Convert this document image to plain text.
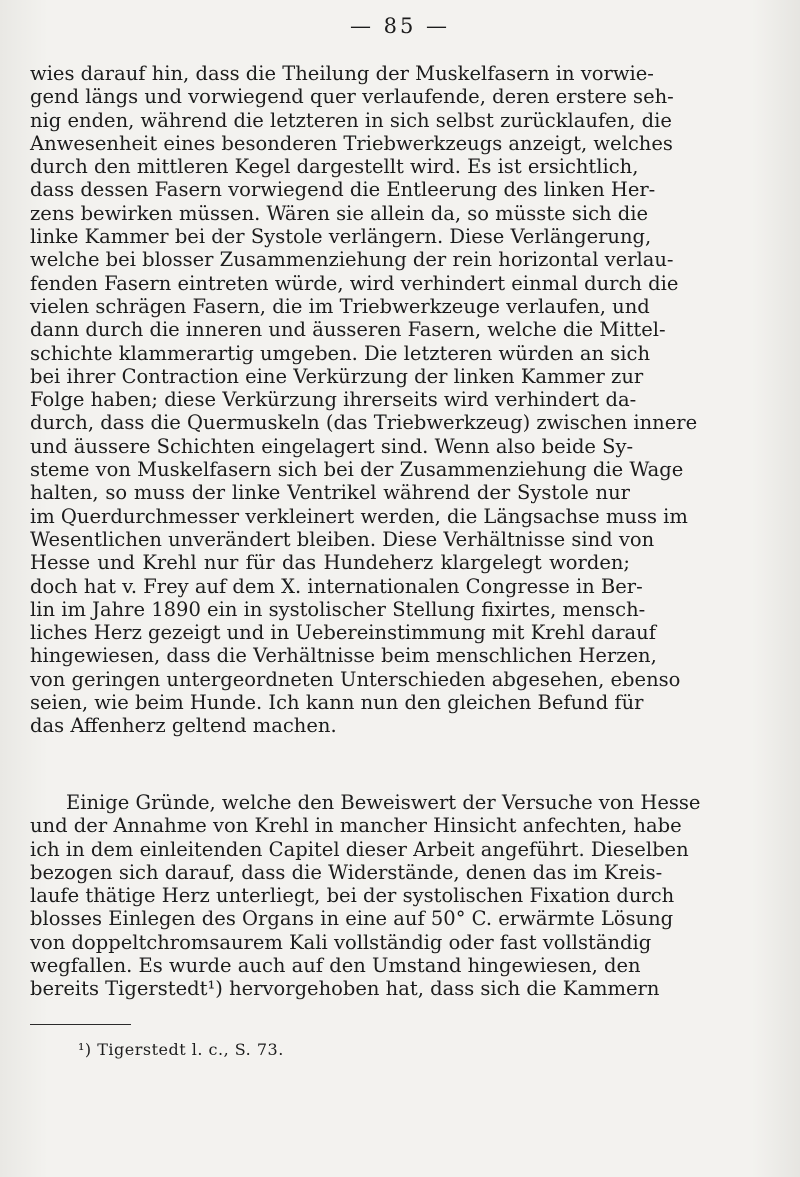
— 85 —
wies darauf hin, dass die Theilung der Muskelfasern in vorwie-
gend längs und vorwiegend quer verlaufende, deren erstere seh-
nig enden, während die letzteren in sich selbst zurücklaufen, die
Anwesenheit eines besonderen Triebwerkzeugs anzeigt, welches
durch den mittleren Kegel dargestellt wird. Es ist ersichtlich,
dass dessen Fasern vorwiegend die Entleerung des linken Her-
zens bewirken müssen. Wären sie allein da, so müsste sich die
linke Kammer bei der Systole verlängern. Diese Verlängerung,
welche bei blosser Zusammenziehung der rein horizontal verlau-
fenden Fasern eintreten würde, wird verhindert einmal durch die
vielen schrägen Fasern, die im Triebwerkzeuge verlaufen, und
dann durch die inneren und äusseren Fasern, welche die Mittel-
schichte klammerartig umgeben. Die letzteren würden an sich
bei ihrer Contraction eine Verkürzung der linken Kammer zur
Folge haben; diese Verkürzung ihrerseits wird verhindert da-
durch, dass die Quermuskeln (das Triebwerkzeug) zwischen innere
und äussere Schichten eingelagert sind. Wenn also beide Sy-
steme von Muskelfasern sich bei der Zusammenziehung die Wage
halten, so muss der linke Ventrikel während der Systole nur
im Querdurchmesser verkleinert werden, die Längsachse muss im
Wesentlichen unverändert bleiben. Diese Verhältnisse sind von
Hesse und Krehl nur für das Hundeherz klargelegt worden;
doch hat v. Frey auf dem X. internationalen Congresse in Ber-
lin im Jahre 1890 ein in systolischer Stellung fixirtes, mensch-
liches Herz gezeigt und in Uebereinstimmung mit Krehl darauf
hingewiesen, dass die Verhältnisse beim menschlichen Herzen,
von geringen untergeordneten Unterschieden abgesehen, ebenso
seien, wie beim Hunde. Ich kann nun den gleichen Befund für
das Affenherz geltend machen.
Einige Gründe, welche den Beweiswert der Versuche von Hesse
und der Annahme von Krehl in mancher Hinsicht anfechten, habe
ich in dem einleitenden Capitel dieser Arbeit angeführt. Dieselben
bezogen sich darauf, dass die Widerstände, denen das im Kreis-
laufe thätige Herz unterliegt, bei der systolischen Fixation durch
blosses Einlegen des Organs in eine auf 50° C. erwärmte Lösung
von doppeltchromsaurem Kali vollständig oder fast vollständig
wegfallen. Es wurde auch auf den Umstand hingewiesen, den
bereits Tigerstedt¹) hervorgehoben hat, dass sich die Kammern
¹) Tigerstedt l. c., S. 73.
